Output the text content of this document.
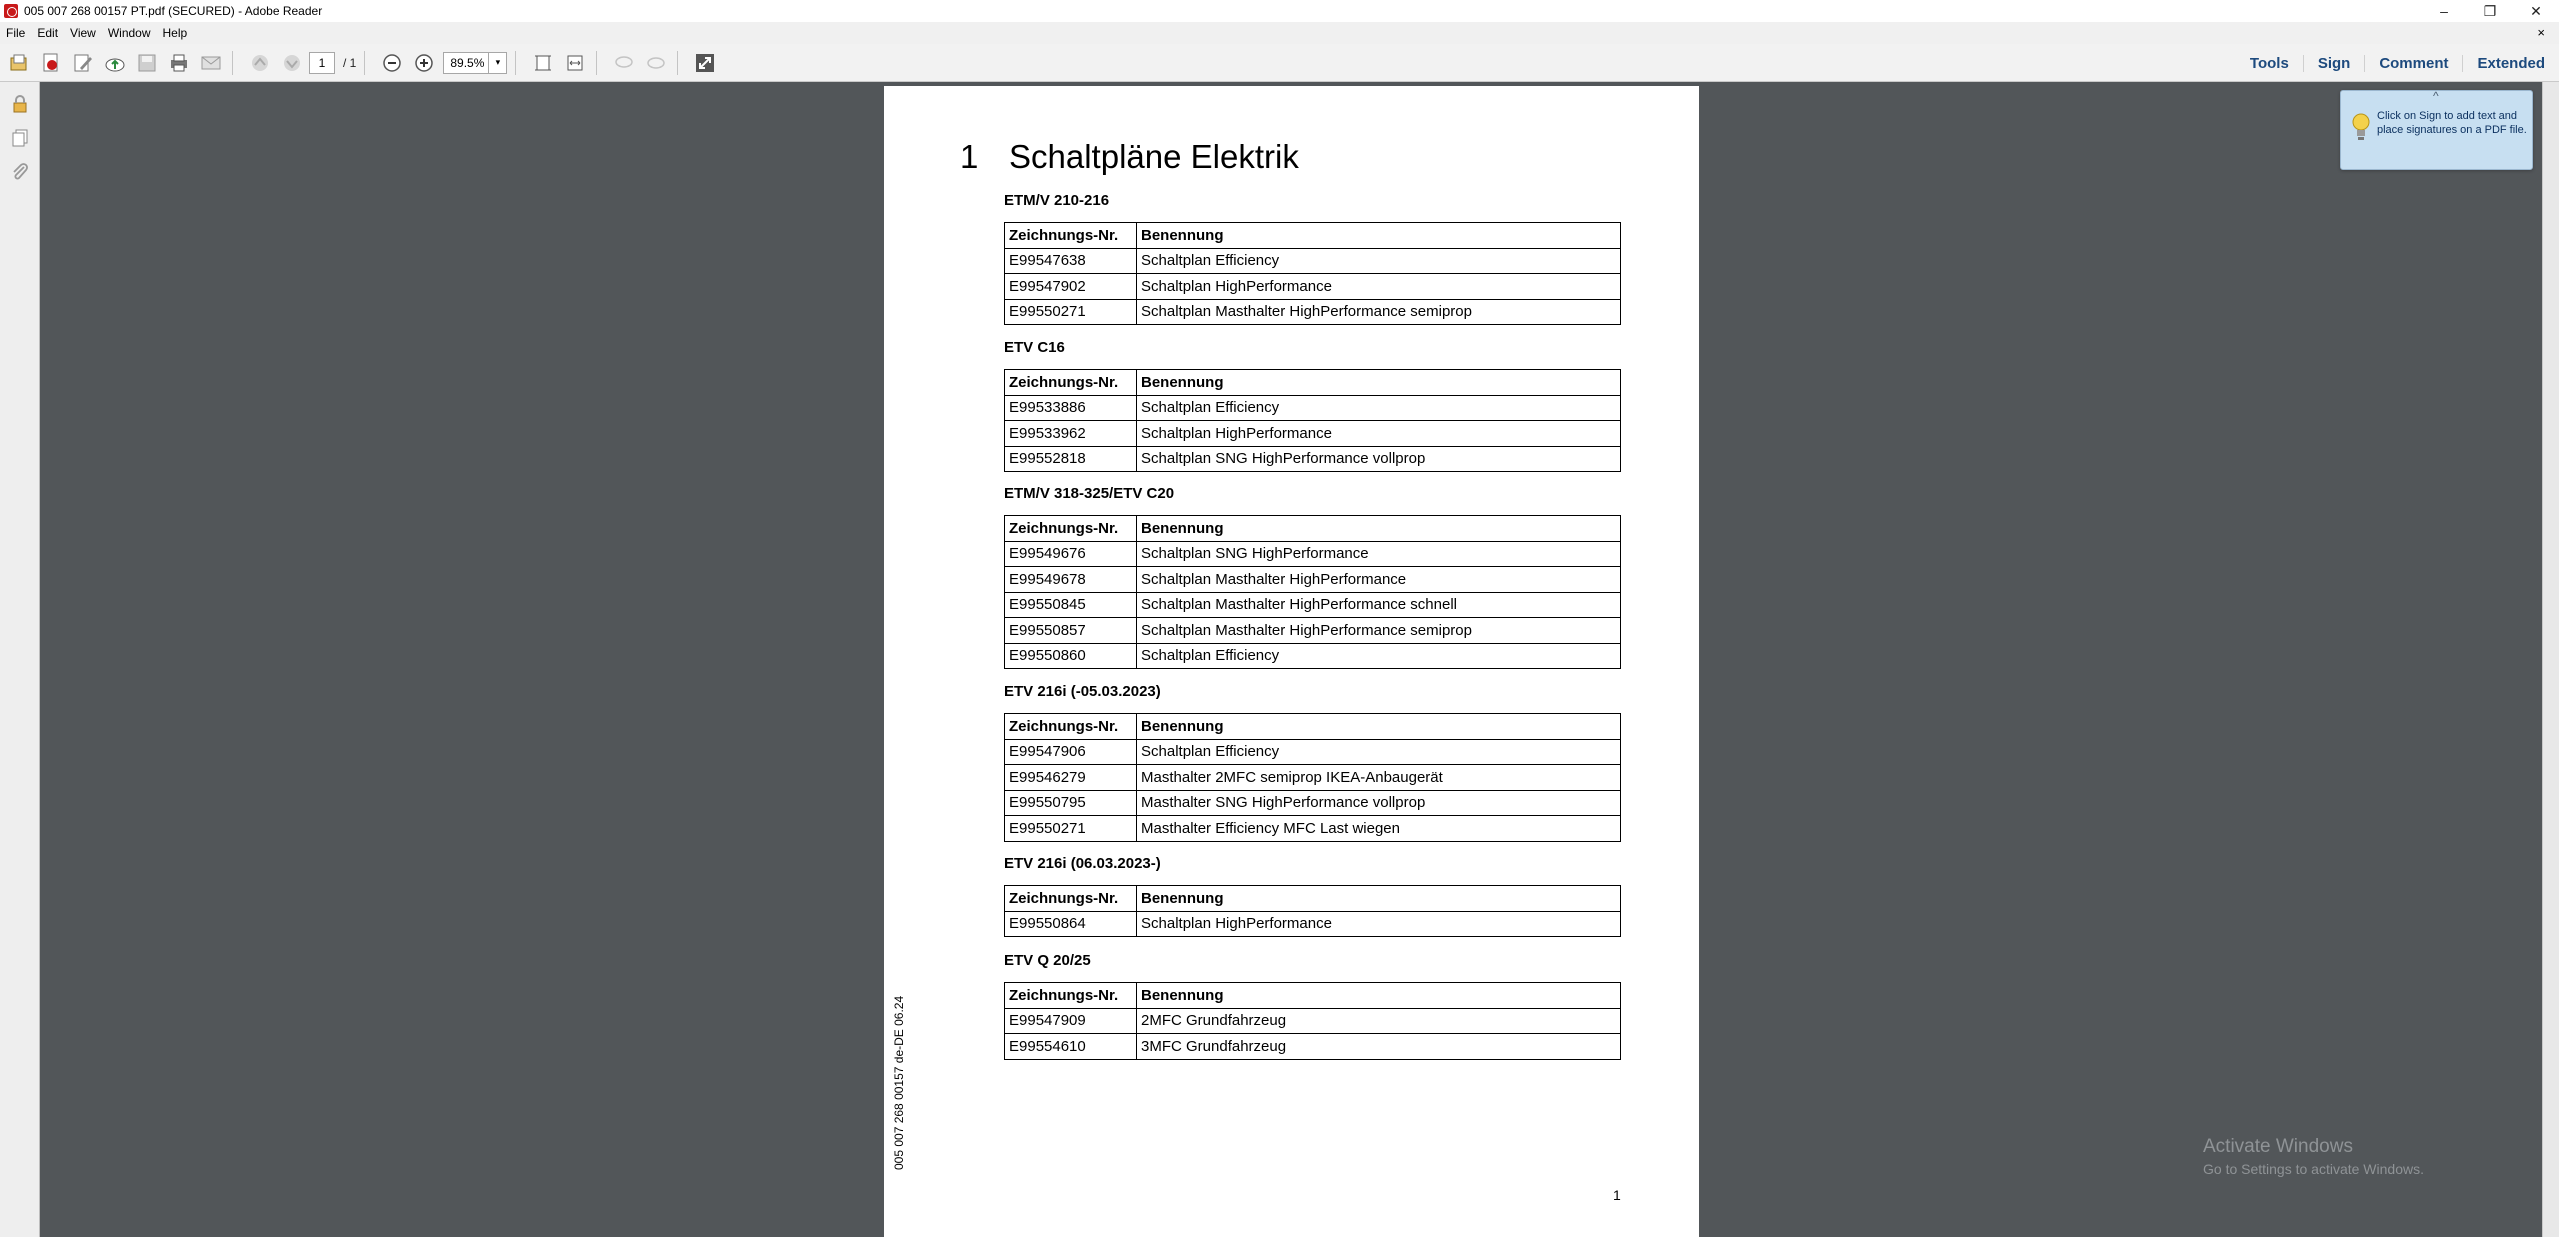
005 007 268 00157 PT.pdf (SECURED) - Adobe Reader	–	❐	✕
File	Edit	View	Window	Help	×
1	/ 1	89.5%	▾	Tools	Sign	Comment	Extended
1 Schaltpläne Elektrik
ETM/V 210-216
Zeichnungs-Nr.	Benennung
E99547638	Schaltplan Efficiency
E99547902	Schaltplan HighPerformance
E99550271	Schaltplan Masthalter HighPerformance semiprop
ETV C16
Zeichnungs-Nr.	Benennung
E99533886	Schaltplan Efficiency
E99533962	Schaltplan HighPerformance
E99552818	Schaltplan SNG HighPerformance vollprop
ETM/V 318-325/ETV C20
Zeichnungs-Nr.	Benennung
E99549676	Schaltplan SNG HighPerformance
E99549678	Schaltplan Masthalter HighPerformance
E99550845	Schaltplan Masthalter HighPerformance schnell
E99550857	Schaltplan Masthalter HighPerformance semiprop
E99550860	Schaltplan Efficiency
ETV 216i (-05.03.2023)
Zeichnungs-Nr.	Benennung
E99547906	Schaltplan Efficiency
E99546279	Masthalter 2MFC semiprop IKEA-Anbaugerät
E99550795	Masthalter SNG HighPerformance vollprop
E99550271	Masthalter Efficiency MFC Last wiegen
ETV 216i (06.03.2023-)
Zeichnungs-Nr.	Benennung
E99550864	Schaltplan HighPerformance
ETV Q 20/25
Zeichnungs-Nr.	Benennung
E99547909	2MFC Grundfahrzeug
E99554610	3MFC Grundfahrzeug
005 007 268 00157 de-DE 06.24
1
^
Click on Sign to add text and place signatures on a PDF file.
Activate Windows
Go to Settings to activate Windows.
